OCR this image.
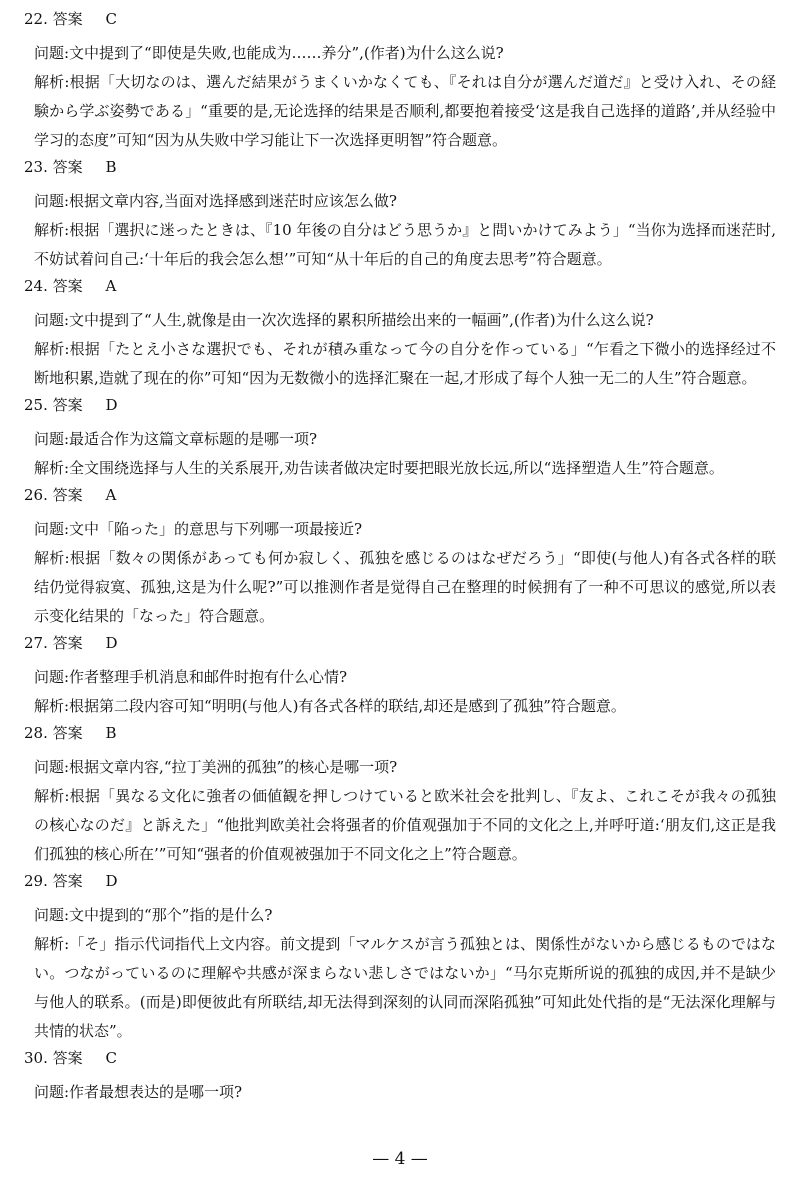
22. 答案 C
问题:文中提到了“即使是失败,也能成为……养分”,(作者)为什么这么说?
解析:根据「大切なのは、選んだ結果がうまくいかなくても、『それは自分が選んだ道だ』と受け入れ、その経験から学ぶ姿勢である」“重要的是,无论选择的结果是否顺利,都要抱着接受‘这是我自己选择的道路’,并从经验中学习的态度”可知“因为从失败中学习能让下一次选择更明智”符合题意。
23. 答案 B
问题:根据文章内容,当面对选择感到迷茫时应该怎么做?
解析:根据「選択に迷ったときは、『10 年後の自分はどう思うか』と問いかけてみよう」“当你为选择而迷茫时,不妨试着问自己:‘十年后的我会怎么想’”可知“从十年后的自己的角度去思考”符合题意。
24. 答案 A
问题:文中提到了“人生,就像是由一次次选择的累积所描绘出来的一幅画”,(作者)为什么这么说?
解析:根据「たとえ小さな選択でも、それが積み重なって今の自分を作っている」“乍看之下微小的选择经过不断地积累,造就了现在的你”可知“因为无数微小的选择汇聚在一起,才形成了每个人独一无二的人生”符合题意。
25. 答案 D
问题:最适合作为这篇文章标题的是哪一项?
解析:全文围绕选择与人生的关系展开,劝告读者做决定时要把眼光放长远,所以“选择塑造人生”符合题意。
26. 答案 A
问题:文中「陥った」的意思与下列哪一项最接近?
解析:根据「数々の関係があっても何か寂しく、孤独を感じるのはなぜだろう」“即使(与他人)有各式各样的联结仍觉得寂寞、孤独,这是为什么呢?”可以推测作者是觉得自己在整理的时候拥有了一种不可思议的感觉,所以表示变化结果的「なった」符合题意。
27. 答案 D
问题:作者整理手机消息和邮件时抱有什么心情?
解析:根据第二段内容可知“明明(与他人)有各式各样的联结,却还是感到了孤独”符合题意。
28. 答案 B
问题:根据文章内容,“拉丁美洲的孤独”的核心是哪一项?
解析:根据「異なる文化に強者の価値観を押しつけていると欧米社会を批判し、『友よ、これこそが我々の孤独の核心なのだ』と訴えた」“他批判欧美社会将强者的价值观强加于不同的文化之上,并呼吁道:‘朋友们,这正是我们孤独的核心所在’”可知“强者的价值观被强加于不同文化之上”符合题意。
29. 答案 D
问题:文中提到的“那个”指的是什么?
解析:「そ」指示代词指代上文内容。前文提到「マルケスが言う孤独とは、関係性がないから感じるものではない。つながっているのに理解や共感が深まらない悲しさではないか」“马尔克斯所说的孤独的成因,并不是缺少与他人的联系。(而是)即便彼此有所联结,却无法得到深刻的认同而深陷孤独”可知此处代指的是“无法深化理解与共情的状态”。
30. 答案 C
问题:作者最想表达的是哪一项?
— 4 —
